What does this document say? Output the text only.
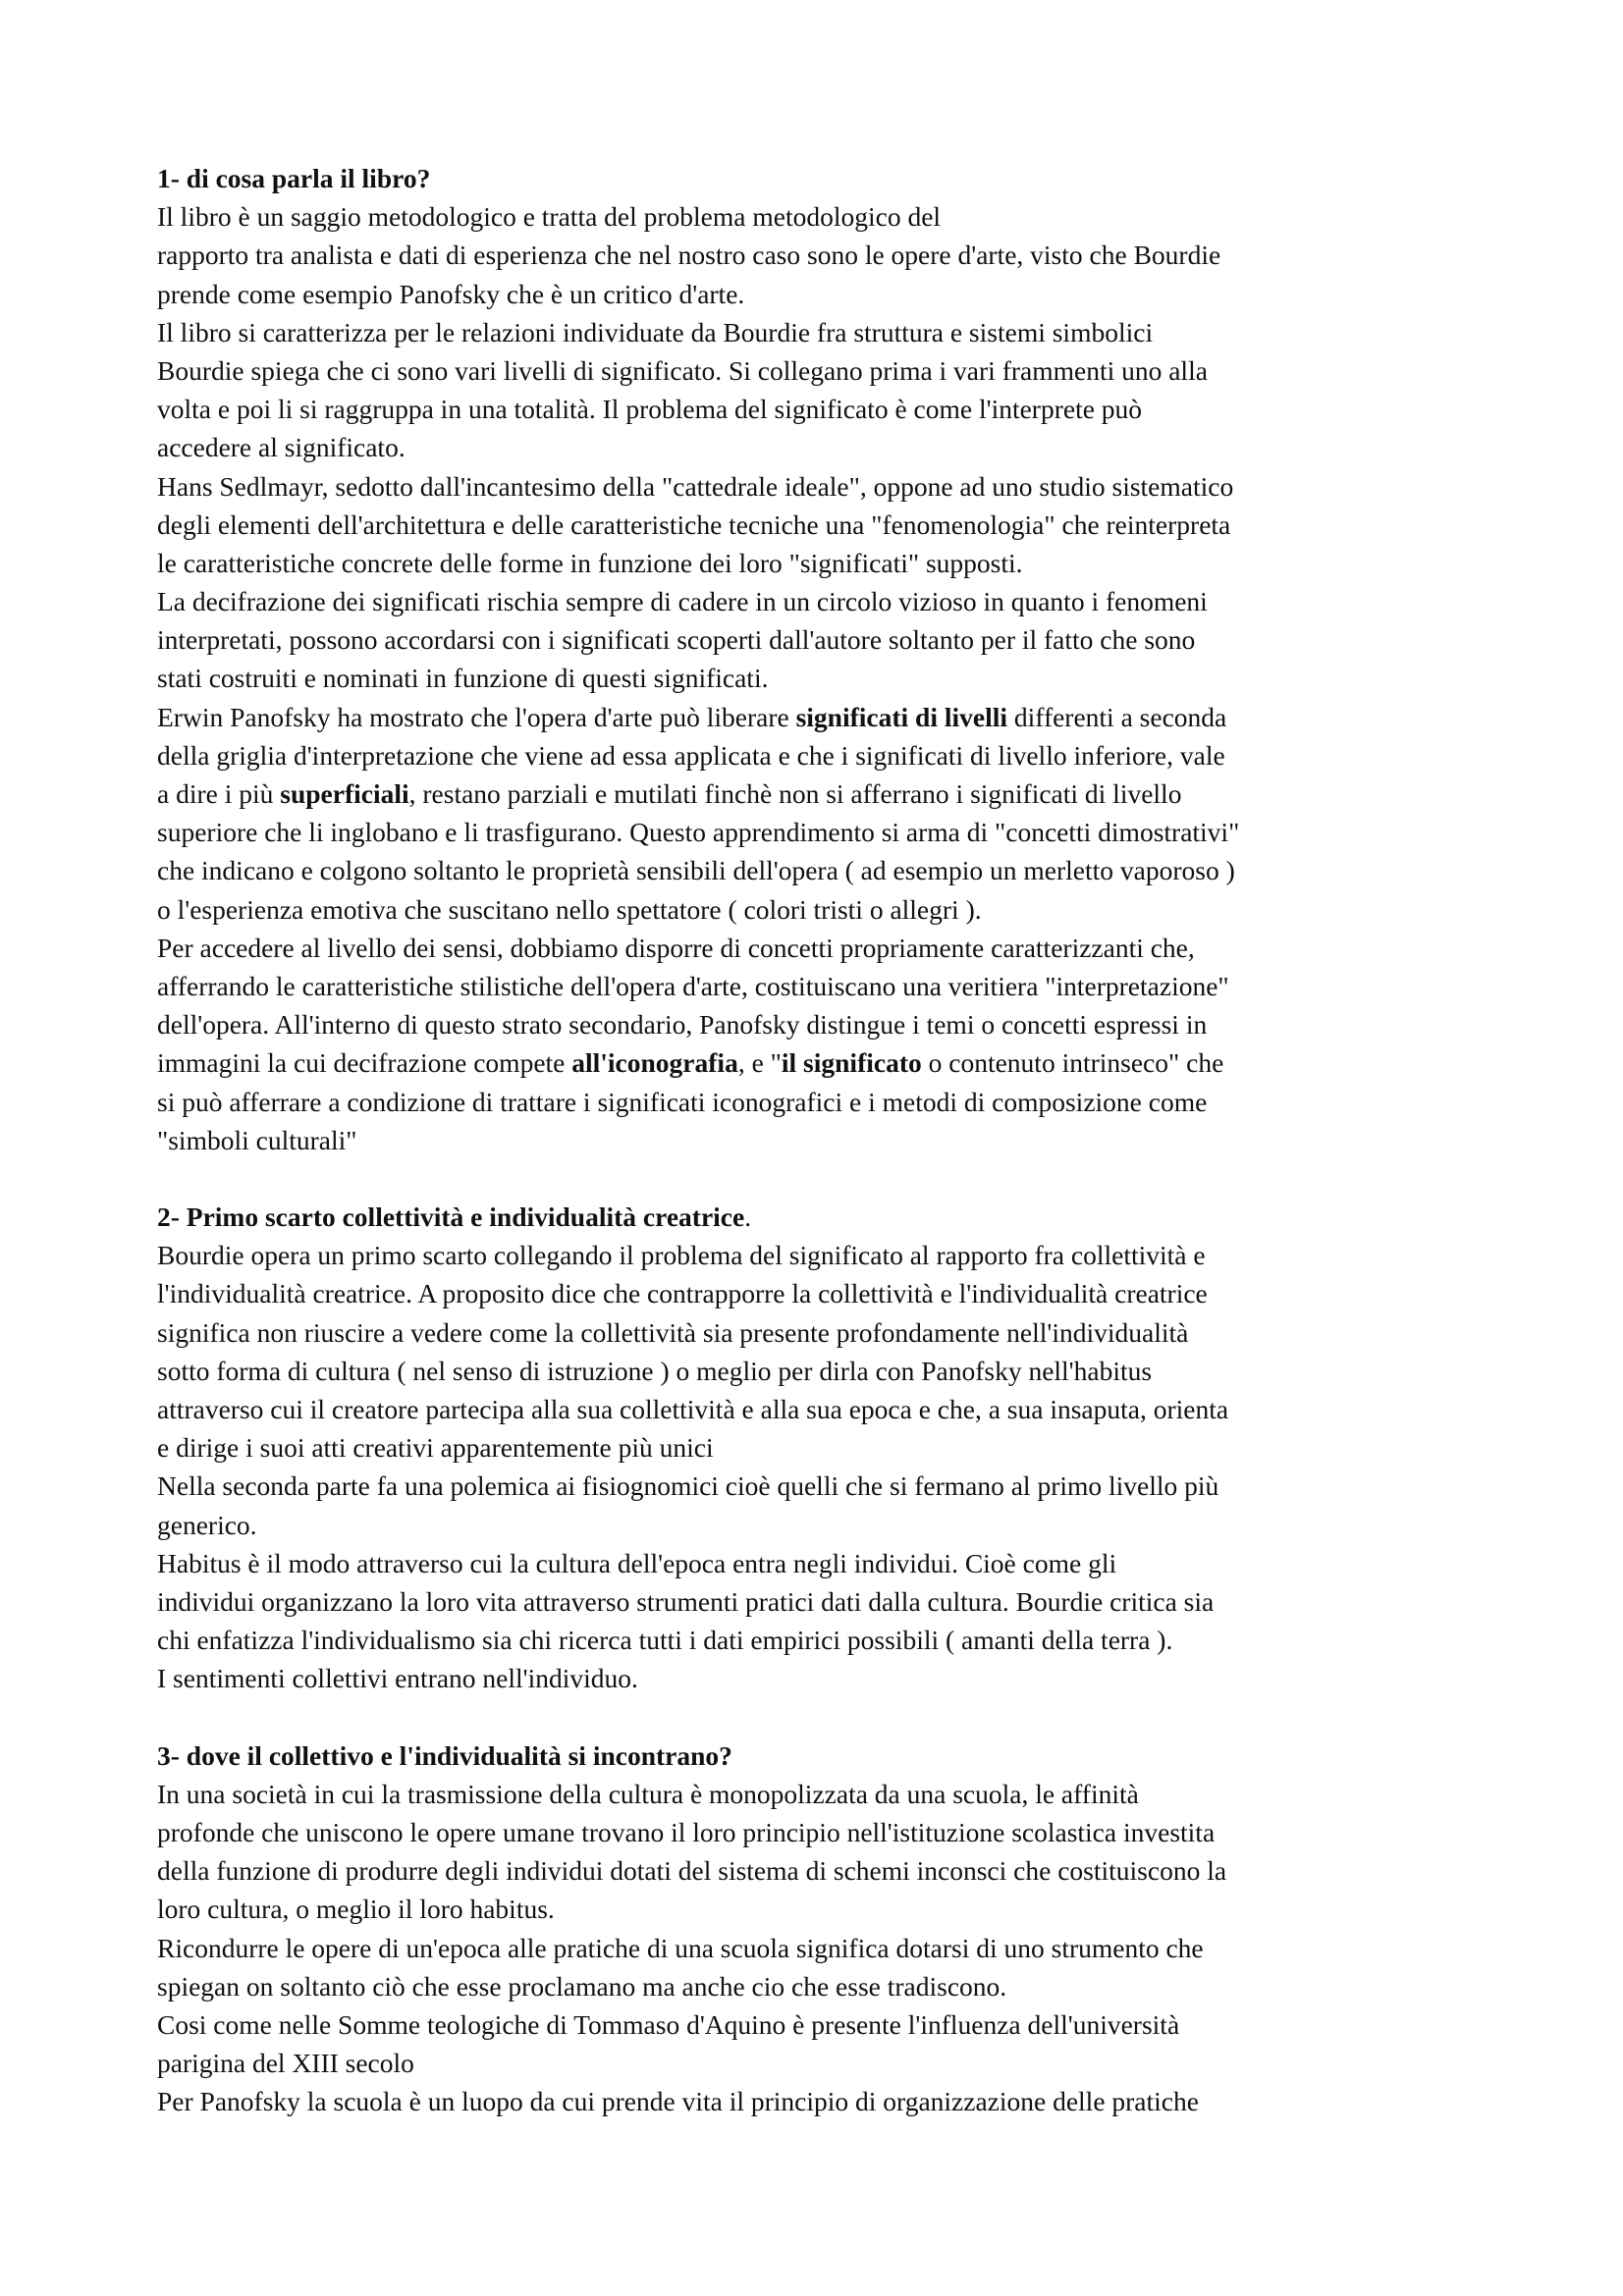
1- di cosa parla il libro?
Il libro è un saggio metodologico e tratta del problema metodologico del
rapporto tra analista e dati di esperienza che nel nostro caso sono le opere d'arte, visto che Bourdie
prende come esempio Panofsky che è un critico d'arte.
Il libro si caratterizza per le relazioni individuate da Bourdie fra struttura e sistemi simbolici
Bourdie spiega che ci sono vari livelli di significato. Si collegano prima i vari frammenti uno alla
volta e poi li si raggruppa in una totalità. Il problema del significato è come l'interprete può
accedere al significato.
Hans Sedlmayr, sedotto dall'incantesimo della "cattedrale ideale", oppone ad uno studio sistematico
degli elementi dell'architettura e delle caratteristiche tecniche una "fenomenologia" che reinterpreta
le caratteristiche concrete delle forme in funzione dei loro "significati" supposti.
La decifrazione dei significati rischia sempre di cadere in un circolo vizioso in quanto i fenomeni
interpretati, possono accordarsi con i significati scoperti dall'autore soltanto per il fatto che sono
stati costruiti e nominati in funzione di questi significati.
Erwin Panofsky ha mostrato che l'opera d'arte può liberare significati di livelli differenti a seconda
della griglia d'interpretazione che viene ad essa applicata e che i significati di livello inferiore, vale
a dire i più superficiali, restano parziali e mutilati finchè non si afferrano i significati di livello
superiore che li inglobano e li trasfigurano. Questo apprendimento si arma di "concetti dimostrativi"
che indicano e colgono soltanto le proprietà sensibili dell'opera ( ad esempio un merletto vaporoso )
o l'esperienza emotiva che suscitano nello spettatore ( colori tristi o allegri ).
Per accedere al livello dei sensi, dobbiamo disporre di concetti propriamente caratterizzanti che,
afferrando le caratteristiche stilistiche dell'opera d'arte, costituiscano una veritiera "interpretazione"
dell'opera. All'interno di questo strato secondario, Panofsky distingue i temi o concetti espressi in
immagini la cui decifrazione compete all'iconografia, e "il significato o contenuto intrinseco" che
si può afferrare a condizione di trattare i significati iconografici e i metodi di composizione come
"simboli culturali"
2- Primo scarto collettività e individualità creatrice.
Bourdie opera un primo scarto collegando il problema del significato al rapporto fra collettività e
l'individualità creatrice. A proposito dice che contrapporre la collettività e l'individualità creatrice
significa non riuscire a vedere come la collettività sia presente profondamente nell'individualità
sotto forma di cultura ( nel senso di istruzione ) o meglio per dirla con Panofsky nell'habitus
attraverso cui il creatore partecipa alla sua collettività e alla sua epoca e che, a sua insaputa, orienta
e dirige i suoi atti creativi apparentemente più unici
Nella seconda parte fa una polemica ai fisiognomici cioè quelli che si fermano al primo livello più
generico.
Habitus è il modo attraverso cui la cultura dell'epoca entra negli individui. Cioè come gli
individui organizzano la loro vita attraverso strumenti pratici dati dalla cultura. Bourdie critica sia
chi enfatizza l'individualismo sia chi ricerca tutti i dati empirici possibili ( amanti della terra ).
I sentimenti collettivi entrano nell'individuo.
3- dove il collettivo e l'individualità si incontrano?
In una società in cui la trasmissione della cultura è monopolizzata da una scuola, le affinità
profonde che uniscono le opere umane trovano il loro principio nell'istituzione scolastica investita
della funzione di produrre degli individui dotati del sistema di schemi inconsci che costituiscono la
loro cultura, o meglio il loro habitus.
Ricondurre le opere di un'epoca alle pratiche di una scuola significa dotarsi di uno strumento che
spiegan on soltanto ciò che esse proclamano ma anche cio che esse tradiscono.
Cosi come nelle Somme teologiche di Tommaso d'Aquino è presente l'influenza dell'università
parigina del XIII secolo
Per Panofsky la scuola è un luopo da cui prende vita il principio di organizzazione delle pratiche
